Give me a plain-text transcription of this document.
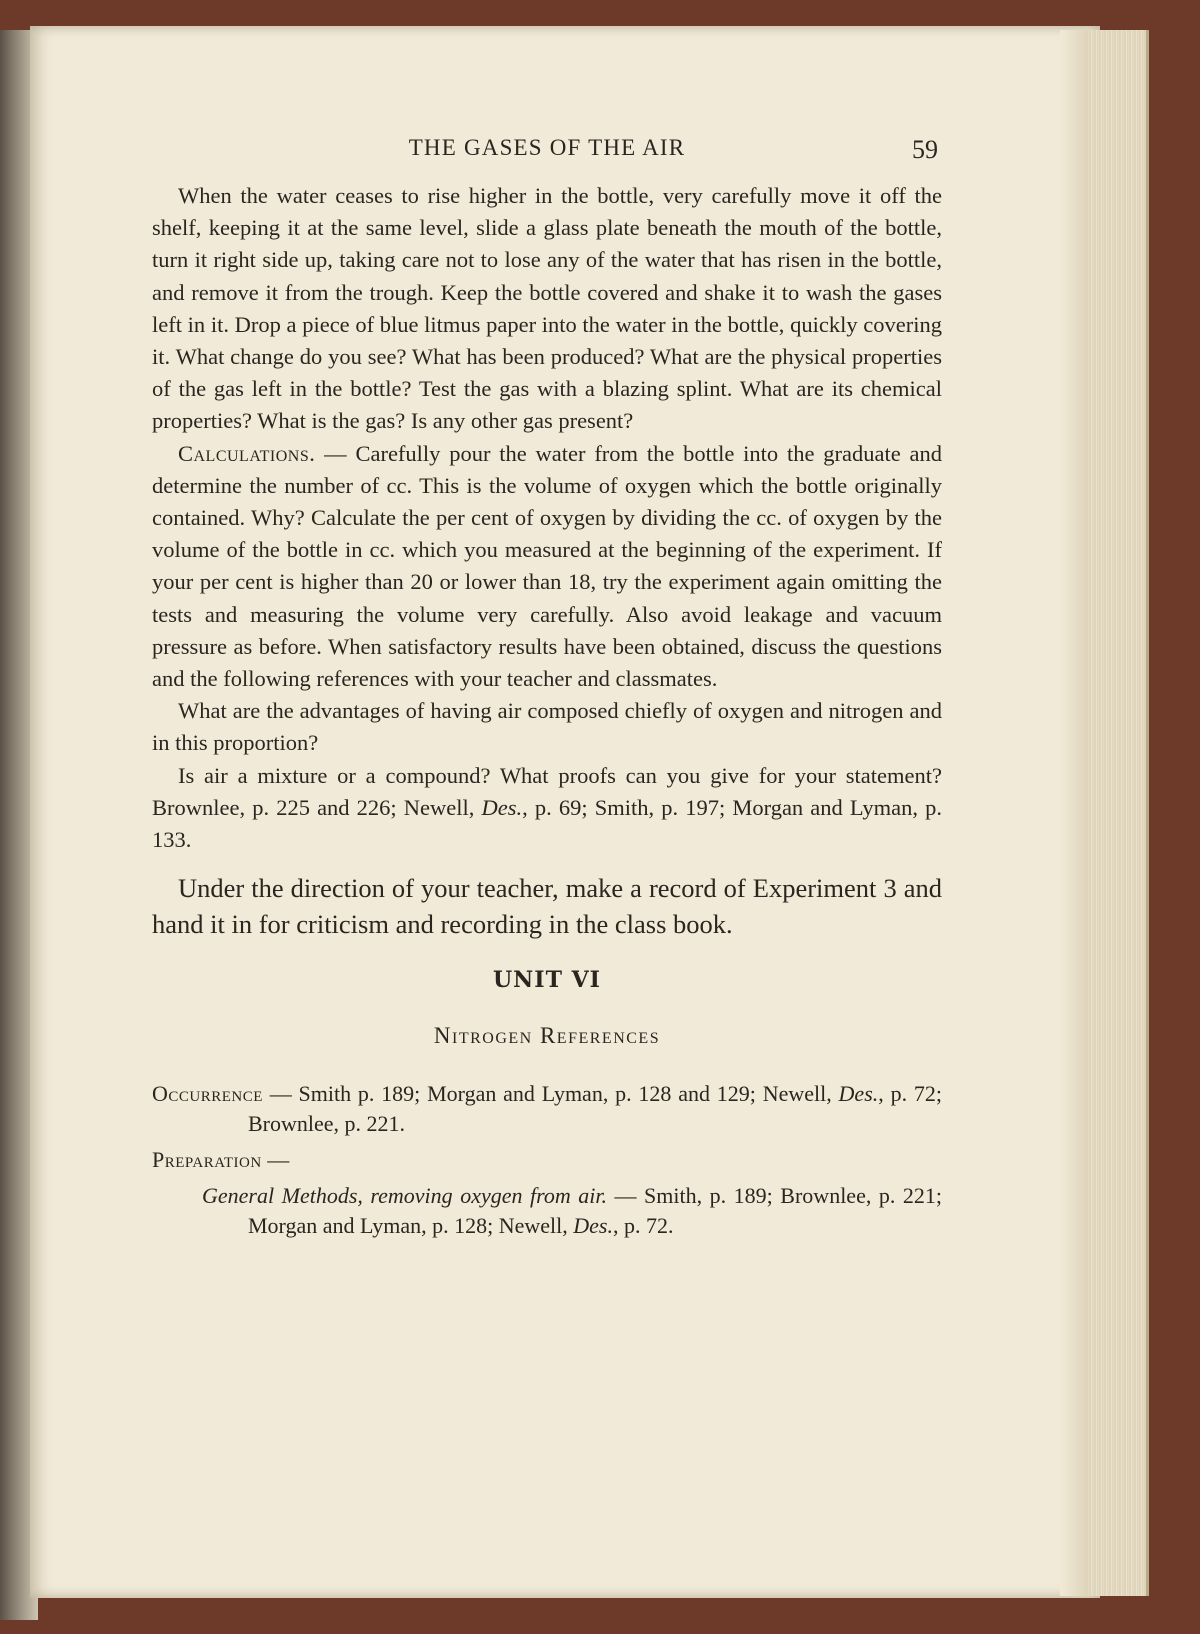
THE GASES OF THE AIR	59

When the water ceases to rise higher in the bottle, very carefully move it off the shelf, keeping it at the same level, slide a glass plate beneath the mouth of the bottle, turn it right side up, taking care not to lose any of the water that has risen in the bottle, and remove it from the trough. Keep the bottle covered and shake it to wash the gases left in it. Drop a piece of blue litmus paper into the water in the bottle, quickly covering it. What change do you see? What has been produced? What are the physical properties of the gas left in the bottle? Test the gas with a blazing splint. What are its chemical properties? What is the gas? Is any other gas present?

Calculations. — Carefully pour the water from the bottle into the graduate and determine the number of cc. This is the volume of oxygen which the bottle originally contained. Why? Calculate the per cent of oxygen by dividing the cc. of oxygen by the volume of the bottle in cc. which you measured at the beginning of the experiment. If your per cent is higher than 20 or lower than 18, try the experiment again omitting the tests and measuring the volume very carefully. Also avoid leakage and vacuum pressure as before. When satisfactory results have been obtained, discuss the questions and the following references with your teacher and classmates.

What are the advantages of having air composed chiefly of oxygen and nitrogen and in this proportion?

Is air a mixture or a compound? What proofs can you give for your statement? Brownlee, p. 225 and 226; Newell, Des., p. 69; Smith, p. 197; Morgan and Lyman, p. 133.

Under the direction of your teacher, make a record of Experiment 3 and hand it in for criticism and recording in the class book.

UNIT VI
Nitrogen References

Occurrence — Smith p. 189; Morgan and Lyman, p. 128 and 129; Newell, Des., p. 72; Brownlee, p. 221.

Preparation —

General Methods, removing oxygen from air. — Smith, p. 189; Brownlee, p. 221; Morgan and Lyman, p. 128; Newell, Des., p. 72.
